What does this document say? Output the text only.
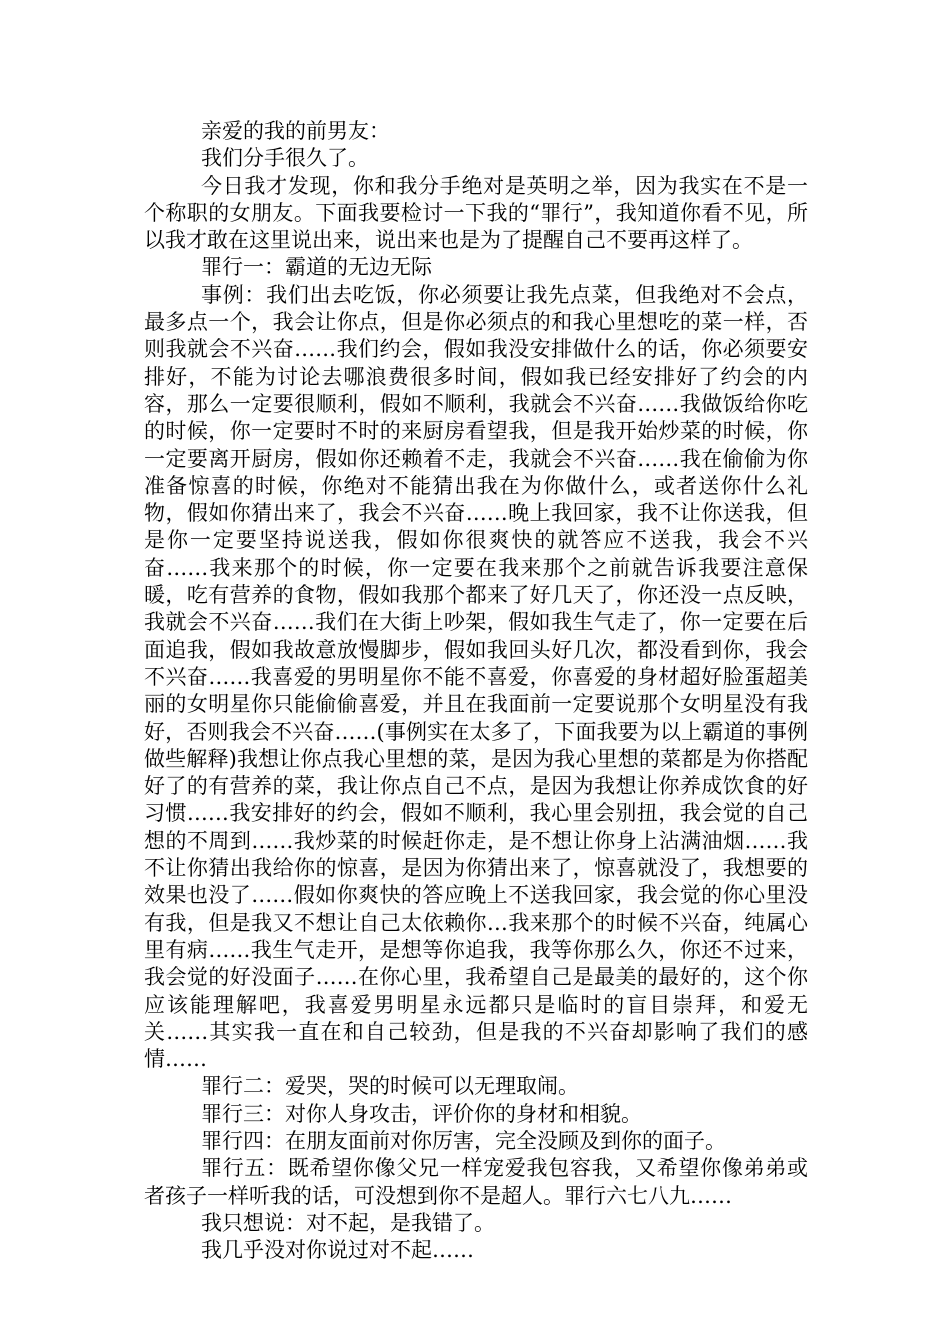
亲爱的我的前男友：

我们分手很久了。

今日我才发现，你和我分手绝对是英明之举，因为我实在不是一个称职的女朋友。下面我要检讨一下我的“罪行”，我知道你看不见，所以我才敢在这里说出来，说出来也是为了提醒自己不要再这样了。

罪行一：霸道的无边无际

事例：我们出去吃饭，你必须要让我先点菜，但我绝对不会点，最多点一个，我会让你点，但是你必须点的和我心里想吃的菜一样，否则我就会不兴奋……我们约会，假如我没安排做什么的话，你必须要安排好，不能为讨论去哪浪费很多时间，假如我已经安排好了约会的内容，那么一定要很顺利，假如不顺利，我就会不兴奋……我做饭给你吃的时候，你一定要时不时的来厨房看望我，但是我开始炒菜的时候，你一定要离开厨房，假如你还赖着不走，我就会不兴奋……我在偷偷为你准备惊喜的时候，你绝对不能猜出我在为你做什么，或者送你什么礼物，假如你猜出来了，我会不兴奋……晚上我回家，我不让你送我，但是你一定要坚持说送我，假如你很爽快的就答应不送我，我会不兴奋……我来那个的时候，你一定要在我来那个之前就告诉我要注意保暖，吃有营养的食物，假如我那个都来了好几天了，你还没一点反映，我就会不兴奋……我们在大街上吵架，假如我生气走了，你一定要在后面追我，假如我故意放慢脚步，假如我回头好几次，都没看到你，我会不兴奋……我喜爱的男明星你不能不喜爱，你喜爱的身材超好脸蛋超美丽的女明星你只能偷偷喜爱，并且在我面前一定要说那个女明星没有我好，否则我会不兴奋……(事例实在太多了，下面我要为以上霸道的事例做些解释)我想让你点我心里想的菜，是因为我心里想的菜都是为你搭配好了的有营养的菜，我让你点自己不点，是因为我想让你养成饮食的好习惯……我安排好的约会，假如不顺利，我心里会别扭，我会觉的自己想的不周到……我炒菜的时候赶你走，是不想让你身上沾满油烟……我不让你猜出我给你的惊喜，是因为你猜出来了，惊喜就没了，我想要的效果也没了……假如你爽快的答应晚上不送我回家，我会觉的你心里没有我，但是我又不想让自己太依赖你…我来那个的时候不兴奋，纯属心里有病……我生气走开，是想等你追我，我等你那么久，你还不过来，我会觉的好没面子……在你心里，我希望自己是最美的最好的，这个你应该能理解吧，我喜爱男明星永远都只是临时的盲目崇拜，和爱无关……其实我一直在和自己较劲，但是我的不兴奋却影响了我们的感情……

罪行二：爱哭，哭的时候可以无理取闹。

罪行三：对你人身攻击，评价你的身材和相貌。

罪行四：在朋友面前对你厉害，完全没顾及到你的面子。

罪行五：既希望你像父兄一样宠爱我包容我，又希望你像弟弟或者孩子一样听我的话，可没想到你不是超人。罪行六七八九……

我只想说：对不起，是我错了。

我几乎没对你说过对不起……
